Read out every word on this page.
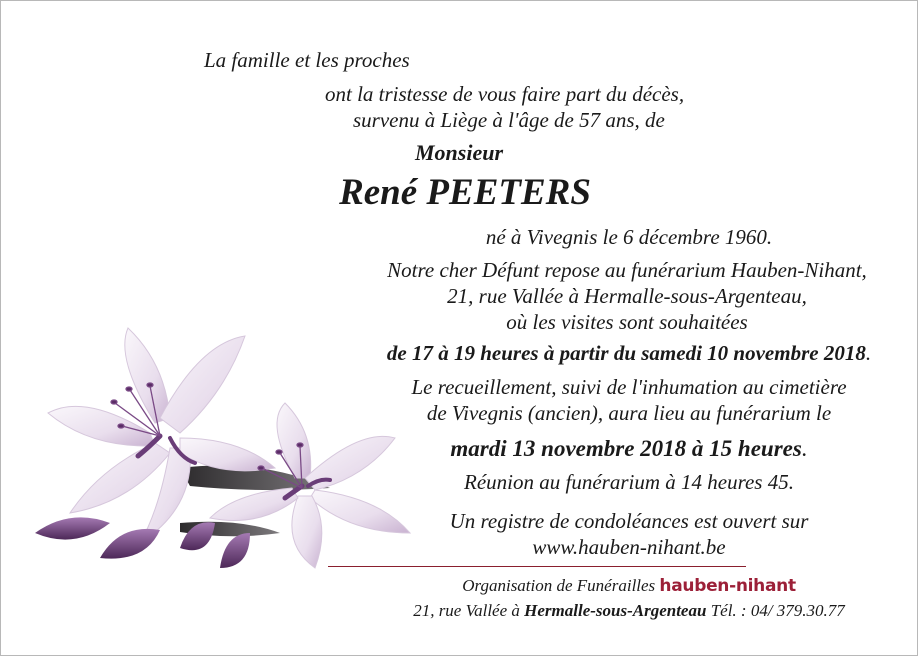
La famille et les proches
ont la tristesse de vous faire part du décès,
survenu à Liège à l'âge de 57 ans, de
Monsieur
René PEETERS
né à Vivegnis le 6 décembre 1960.
Notre cher Défunt repose au funérarium Hauben-Nihant,
21, rue Vallée à Hermalle-sous-Argenteau,
où les visites sont souhaitées
de 17 à 19 heures à partir du samedi 10 novembre 2018.
Le recueillement, suivi de l'inhumation au cimetière
de Vivegnis (ancien), aura lieu au funérarium le
mardi 13 novembre 2018 à 15 heures.
Réunion au funérarium à 14 heures 45.
Un registre de condoléances est ouvert sur
www.hauben-nihant.be
Organisation de Funérailles hauben-nihant
21, rue Vallée à Hermalle-sous-Argenteau Tél. : 04/ 379.30.77
